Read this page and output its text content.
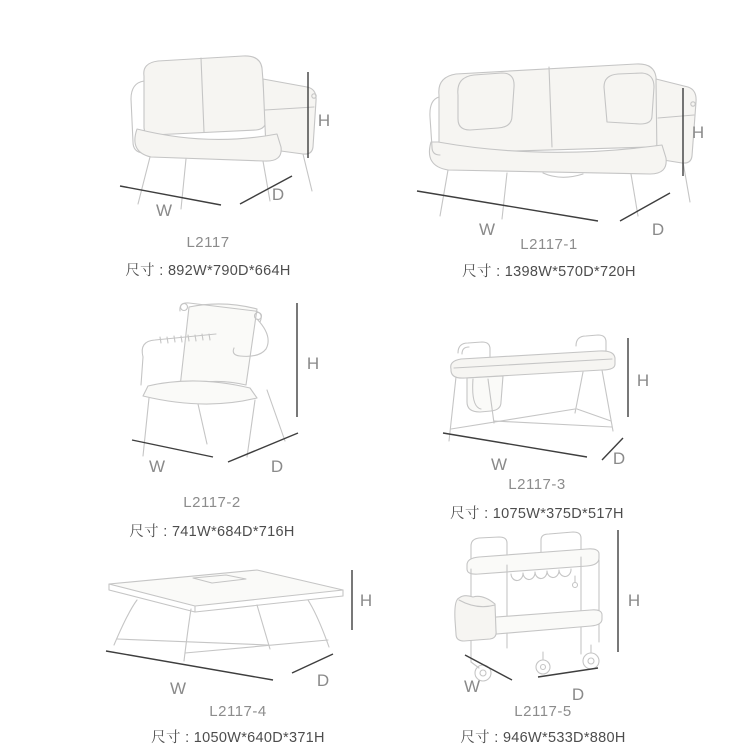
W
D
H
L2117
尺寸 : 892W*790D*664H
W	D
H
L2117-1
尺寸 : 1398W*570D*720H
W	D
H
L2117-2
尺寸 : 741W*684D*716H
W	D
H
L2117-3
尺寸 : 1075W*375D*517H
W	D
H
L2117-4
尺寸 : 1050W*640D*371H
W	D
H
L2117-5
尺寸 : 946W*533D*880H
